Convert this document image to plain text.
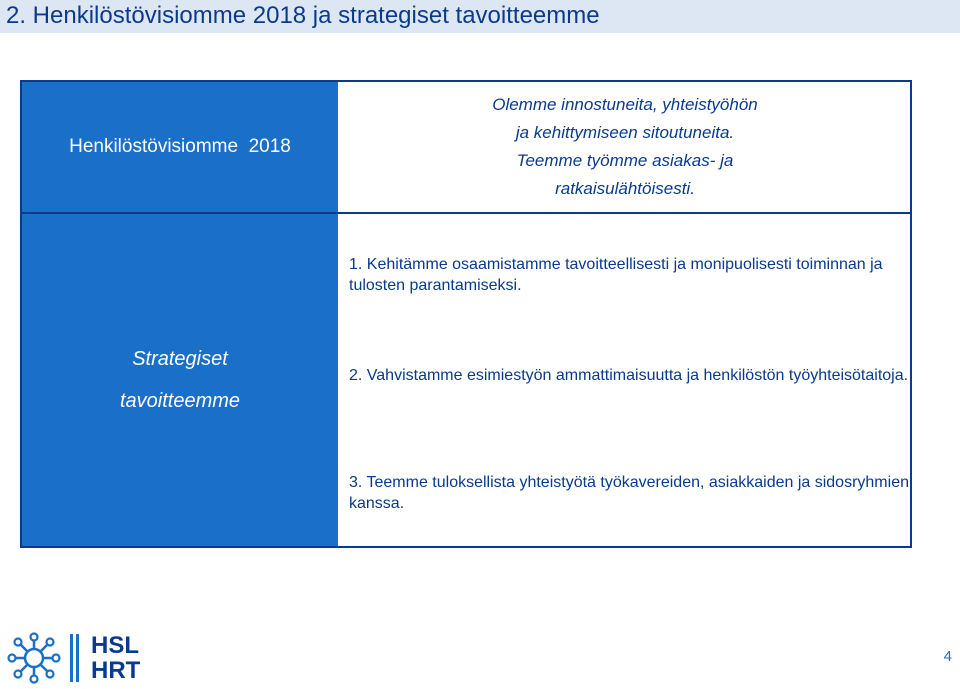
2. Henkilöstövisiomme 2018 ja strategiset tavoitteemme
Henkilöstövisiomme  2018
Olemme innostuneita, yhteistyöhön
ja kehittymiseen sitoutuneita.
Teemme työmme asiakas- ja
ratkaisulähtöisesti.
Strategiset
tavoitteemme
1. Kehitämme osaamistamme tavoitteellisesti ja monipuolisesti toiminnan ja tulosten parantamiseksi.
2. Vahvistamme esimiestyön ammattimaisuutta ja henkilöstön työyhteisötaitoja.
3. Teemme tuloksellista yhteistyötä työkavereiden, asiakkaiden ja sidosryhmien kanssa.
HSL
HRT
4
